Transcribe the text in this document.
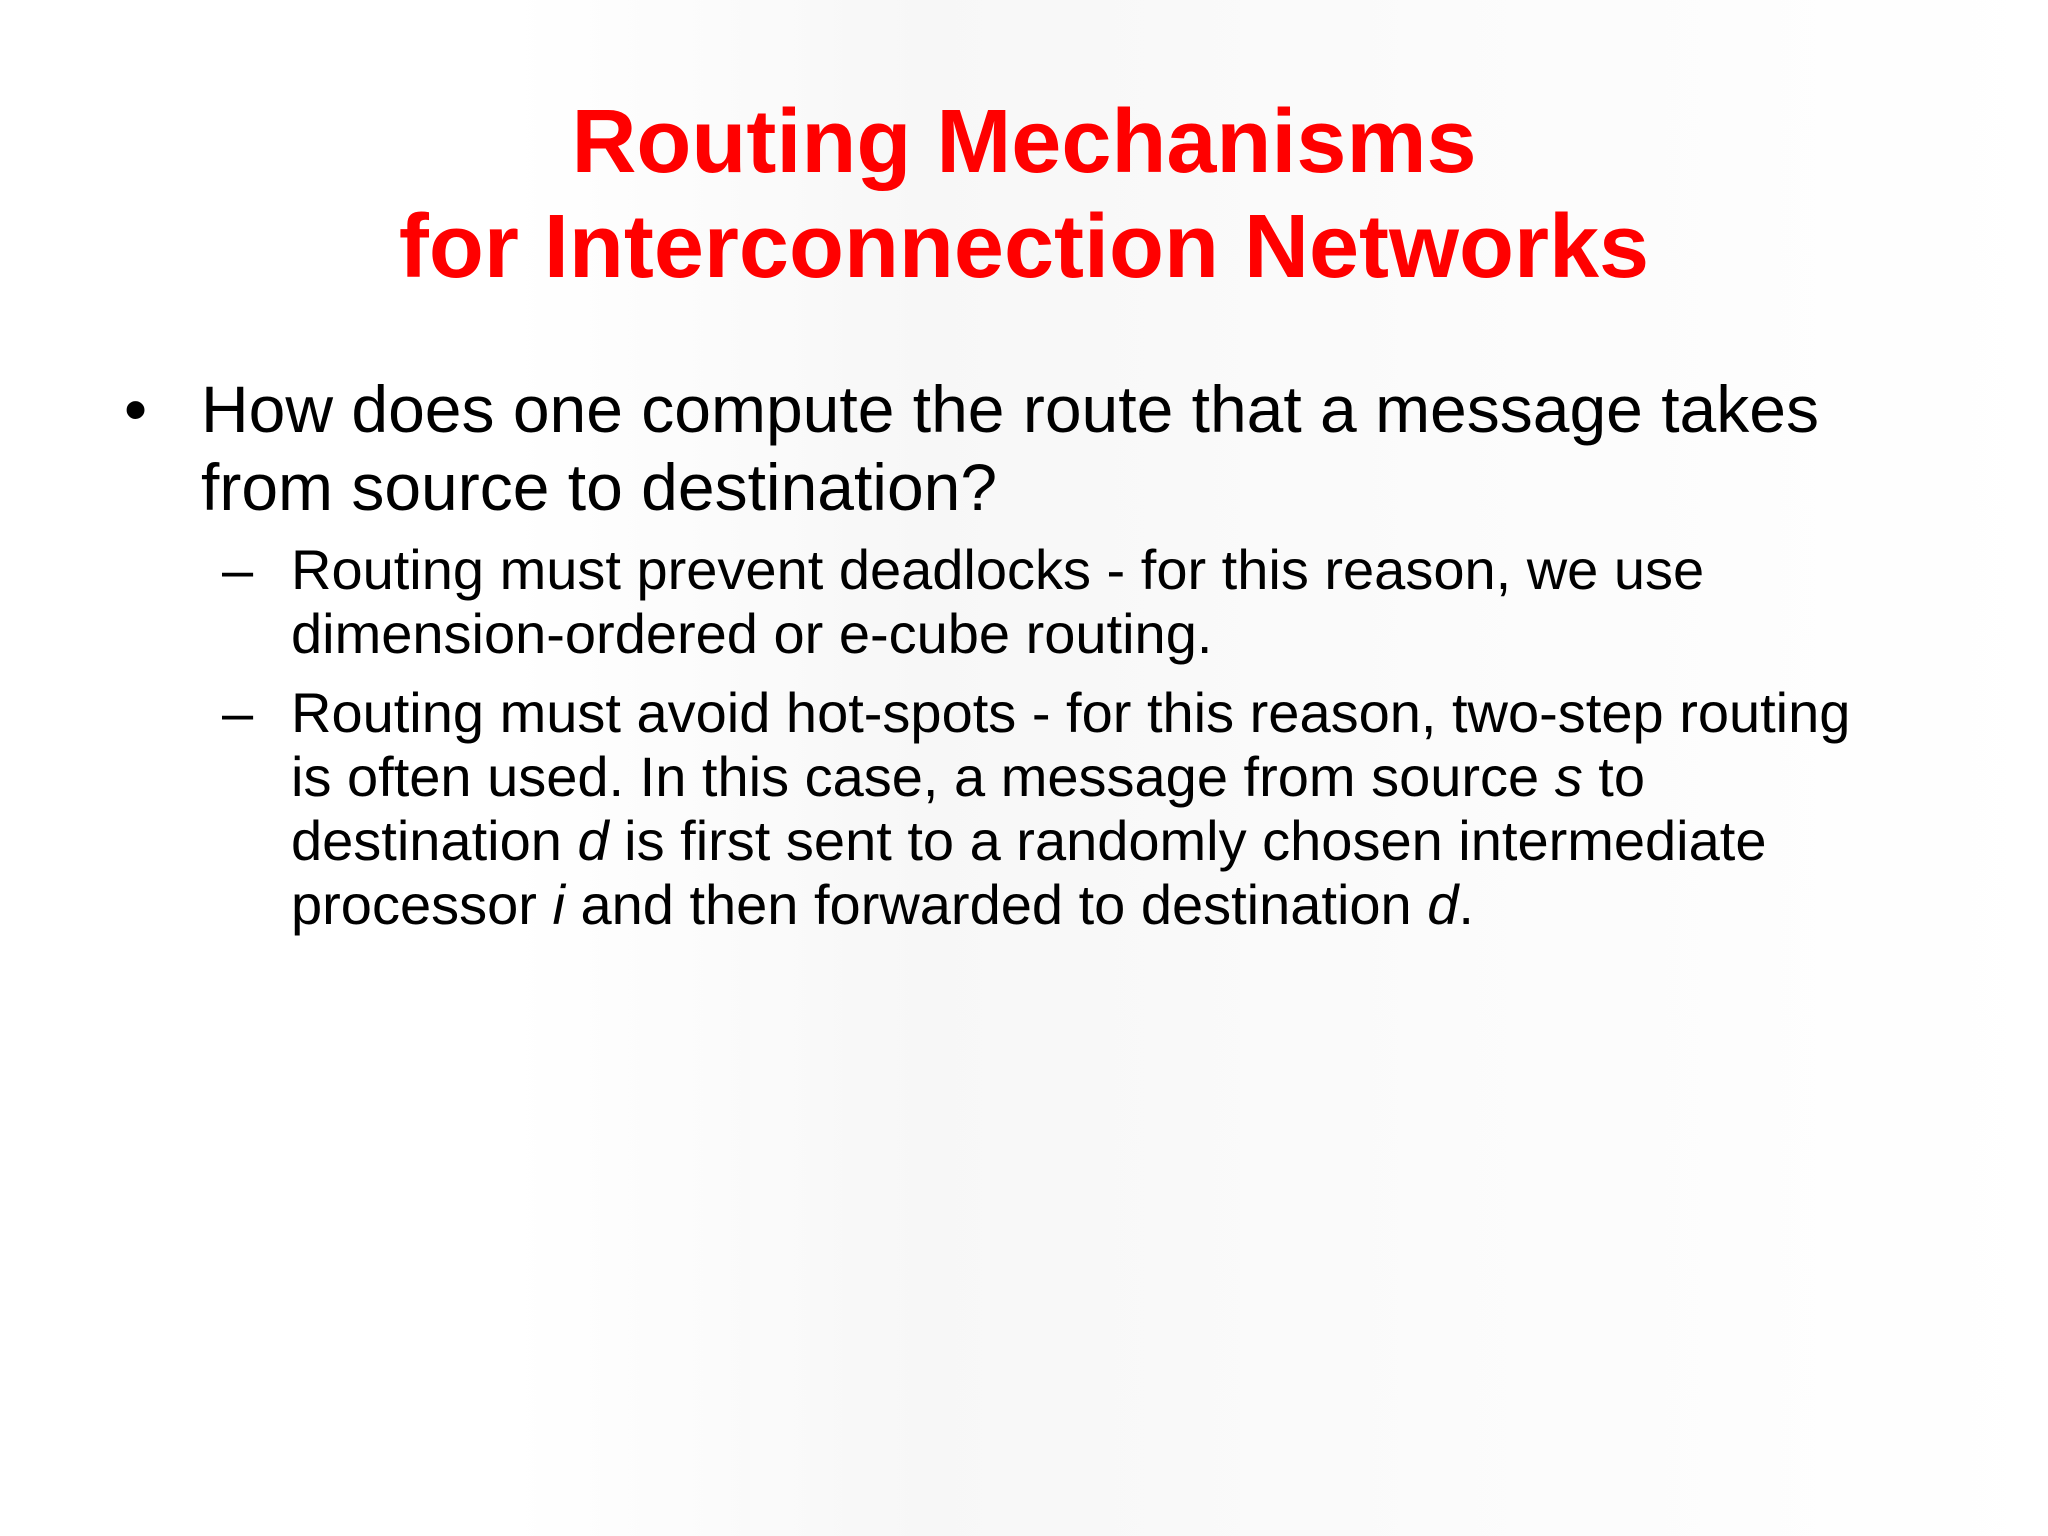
Routing Mechanisms
for Interconnection Networks
• How does one compute the route that a message takes
from source to destination?
– Routing must prevent deadlocks - for this reason, we use
dimension-ordered or e-cube routing.
– Routing must avoid hot-spots - for this reason, two-step routing
is often used. In this case, a message from source s to
destination d is first sent to a randomly chosen intermediate
processor i and then forwarded to destination d.
